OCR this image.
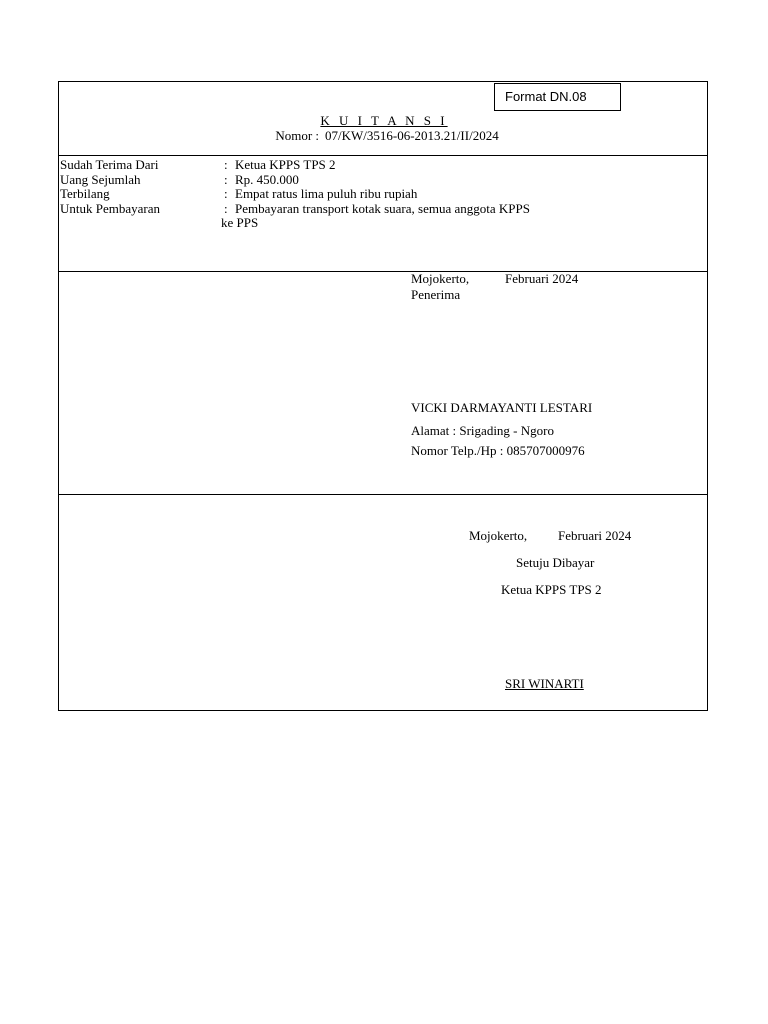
Format DN.08
K U I T A N S I
Nomor : 07/KW/3516-06-2013.21/II/2024
Sudah Terima Dari	: Ketua KPPS TPS 2
Uang Sejumlah	: Rp. 450.000
Terbilang	: Empat ratus lima puluh ribu rupiah
Untuk Pembayaran	: Pembayaran transport kotak suara, semua anggota KPPS
ke PPS
Mojokerto,	Februari 2024
Penerima
VICKI DARMAYANTI LESTARI
Alamat : Srigading - Ngoro
Nomor Telp./Hp : 085707000976
Mojokerto, Februari 2024
Setuju Dibayar
Ketua KPPS TPS 2
SRI WINARTI
